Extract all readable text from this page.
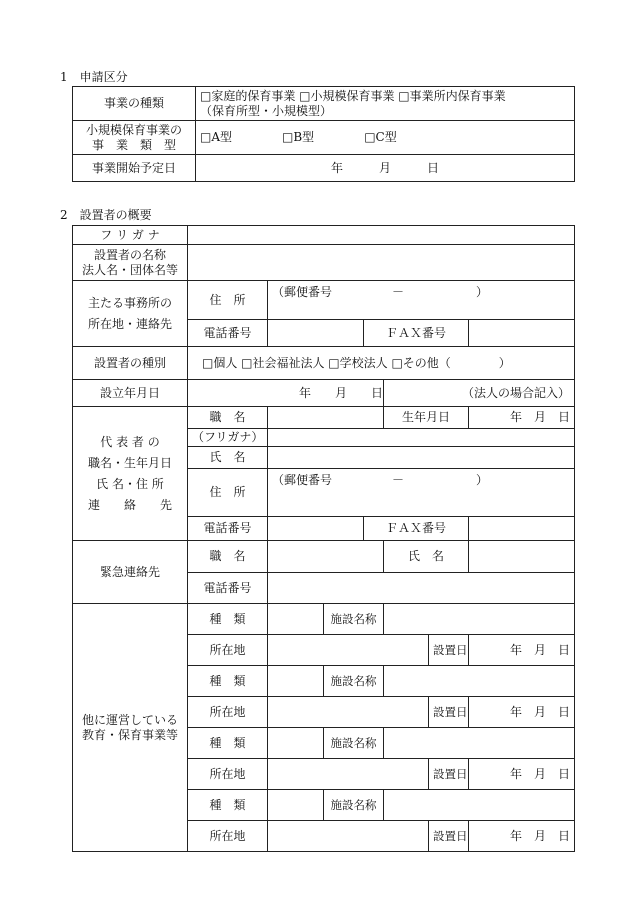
1　申請区分
事業の種類	□家庭的保育事業 □小規模保育事業 □事業所内保育事業
（保育所型・小規模型）

小規模保育事業の
事　業　類　型	□A型 □B型 □C型
事業開始予定日	年　　　月　　　日
2　設置者の概要
フ リ ガ ナ							

設置者の名称
法人名・団体名等							

主たる事務所の
所在地・連絡先	住　所	（郵便番号　　　　　－　　　　　　）					
	電話番号			ＦＡＸ番号			
設置者の種別	□個人 □社会福祉法人 □学校法人 □その他（　　　　）						
設立年月日	年　　月　　日				（法人の場合記入）		

代 表 者 の
職名・生年月日
氏 名・住 所
連　　絡　　先	職　名				生年月日		年　月　日
	（フリガナ）						
	氏　名						
	住　所	（郵便番号　　　　　－　　　　　　）					
	電話番号			ＦＡＸ番号			
緊急連絡先	職　名				氏　名		
	電話番号						

他に運営している
教育・保育事業等	種　類		施設名称				
	所在地					設置日	年　月　日
	種　類		施設名称				
	所在地					設置日	年　月　日
	種　類		施設名称				
	所在地					設置日	年　月　日
	種　類		施設名称				
	所在地					設置日	年　月　日
